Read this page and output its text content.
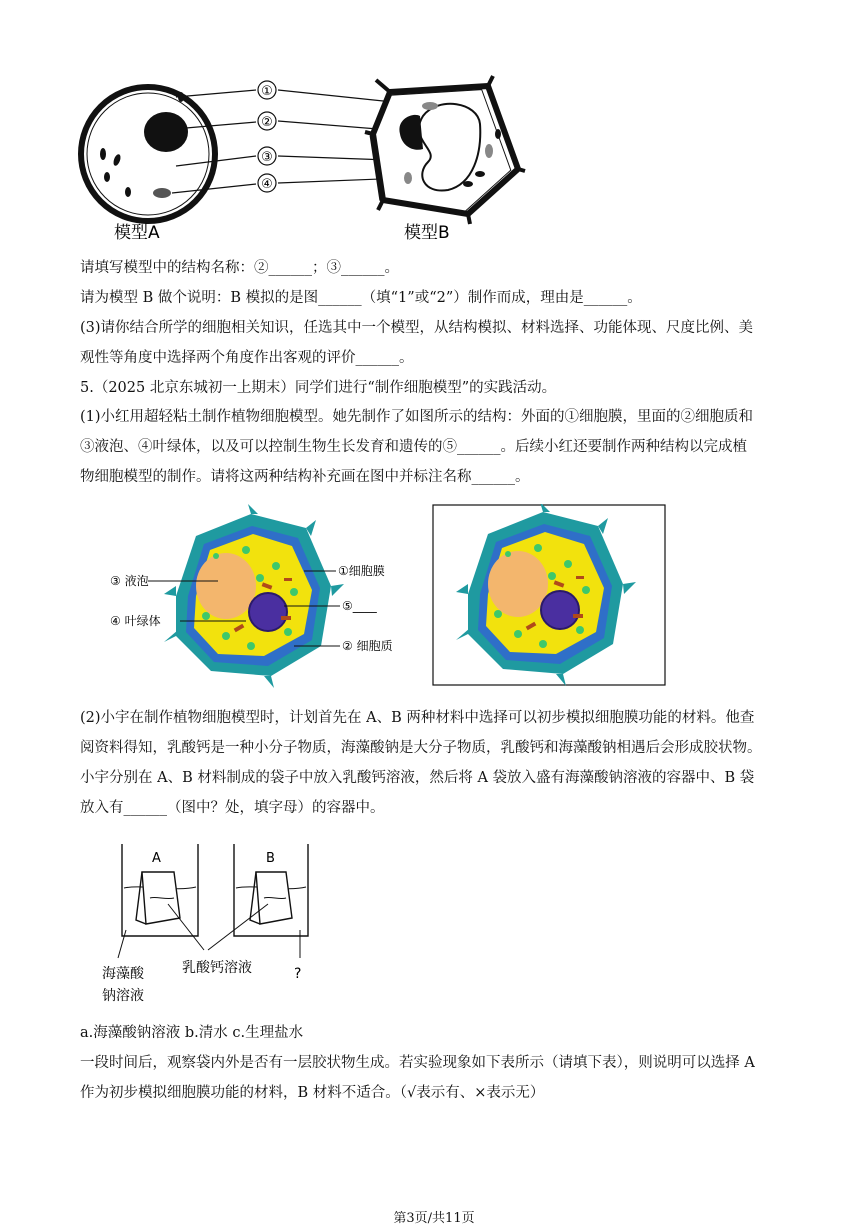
①
②
③
④
模型A	模型B
请填写模型中的结构名称：②______；③______。
请为模型 B 做个说明：B 模拟的是图______（填“1”或“2”）制作而成，理由是______。
(3)请你结合所学的细胞相关知识，任选其中一个模型，从结构模拟、材料选择、功能体现、尺度比例、美
观性等角度中选择两个角度作出客观的评价______。
5.（2025 北京东城初一上期末）同学们进行“制作细胞模型”的实践活动。
(1)小红用超轻粘土制作植物细胞模型。她先制作了如图所示的结构：外面的①细胞膜，里面的②细胞质和
③液泡、④叶绿体，以及可以控制生物生长发育和遗传的⑤______。后续小红还要制作两种结构以完成植
物细胞模型的制作。请将这两种结构补充画在图中并标注名称______。
③ 液泡
④ 叶绿体
①细胞膜
⑤____
② 细胞质
(2)小宇在制作植物细胞模型时，计划首先在 A、B 两种材料中选择可以初步模拟细胞膜功能的材料。他查
阅资料得知，乳酸钙是一种小分子物质，海藻酸钠是大分子物质，乳酸钙和海藻酸钠相遇后会形成胶状物。
小宇分别在 A、B 材料制成的袋子中放入乳酸钙溶液，然后将 A 袋放入盛有海藻酸钠溶液的容器中、B 袋
放入有______（图中？处，填字母）的容器中。
A	B
海藻酸
钠溶液
乳酸钙溶液	?
a.海藻酸钠溶液 b.清水 c.生理盐水
一段时间后，观察袋内外是否有一层胶状物生成。若实验现象如下表所示（请填下表），则说明可以选择 A
作为初步模拟细胞膜功能的材料，B 材料不适合。（√表示有、×表示无）
第3页/共11页
